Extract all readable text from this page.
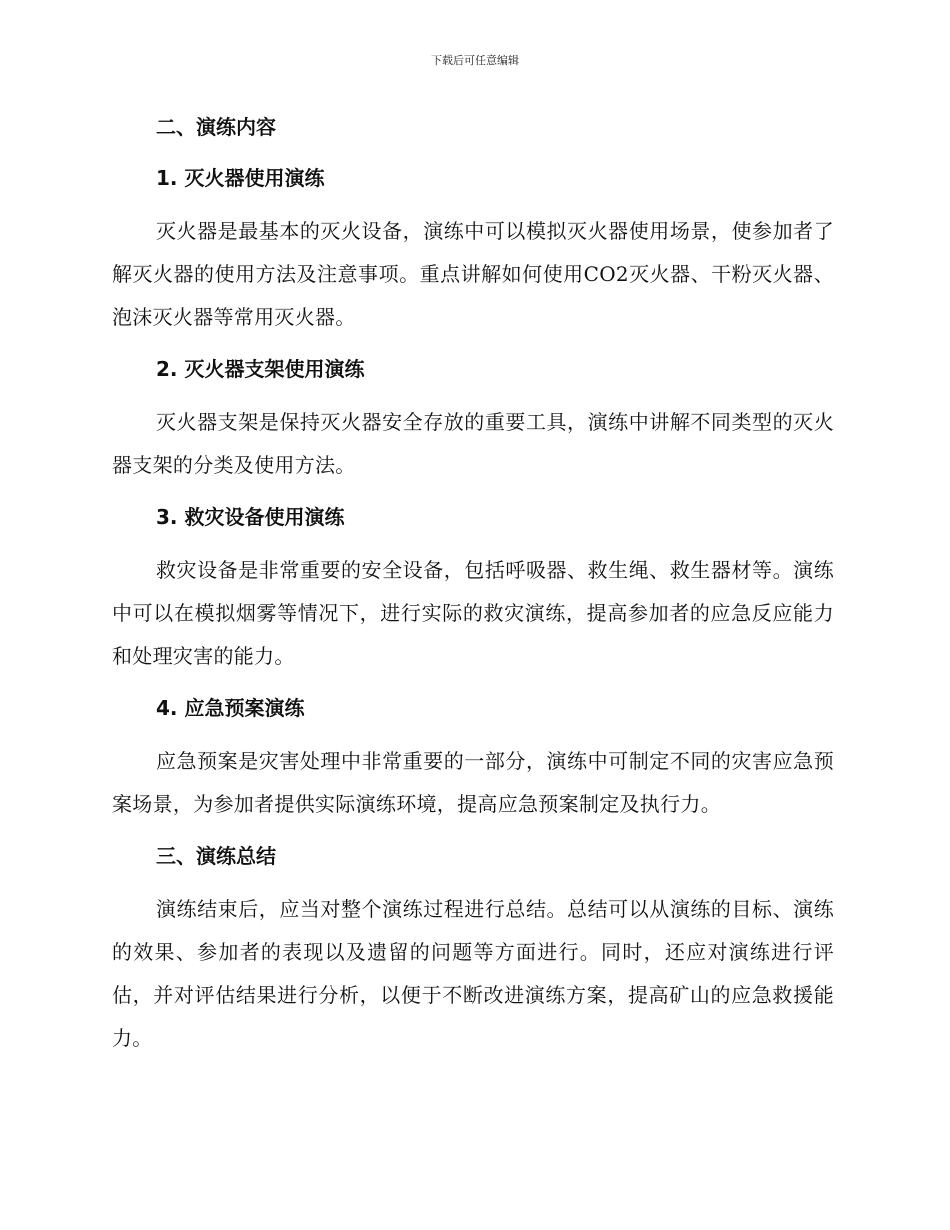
下载后可任意编辑
二、演练内容
1. 灭火器使用演练
灭火器是最基本的灭火设备，演练中可以模拟灭火器使用场景，使参加者了解灭火器的使用方法及注意事项。重点讲解如何使用CO2灭火器、干粉灭火器、泡沫灭火器等常用灭火器。
2. 灭火器支架使用演练
灭火器支架是保持灭火器安全存放的重要工具，演练中讲解不同类型的灭火器支架的分类及使用方法。
3. 救灾设备使用演练
救灾设备是非常重要的安全设备，包括呼吸器、救生绳、救生器材等。演练中可以在模拟烟雾等情况下，进行实际的救灾演练，提高参加者的应急反应能力和处理灾害的能力。
4. 应急预案演练
应急预案是灾害处理中非常重要的一部分，演练中可制定不同的灾害应急预案场景，为参加者提供实际演练环境，提高应急预案制定及执行力。
三、演练总结
演练结束后，应当对整个演练过程进行总结。总结可以从演练的目标、演练的效果、参加者的表现以及遗留的问题等方面进行。同时，还应对演练进行评估，并对评估结果进行分析，以便于不断改进演练方案，提高矿山的应急救援能力。
